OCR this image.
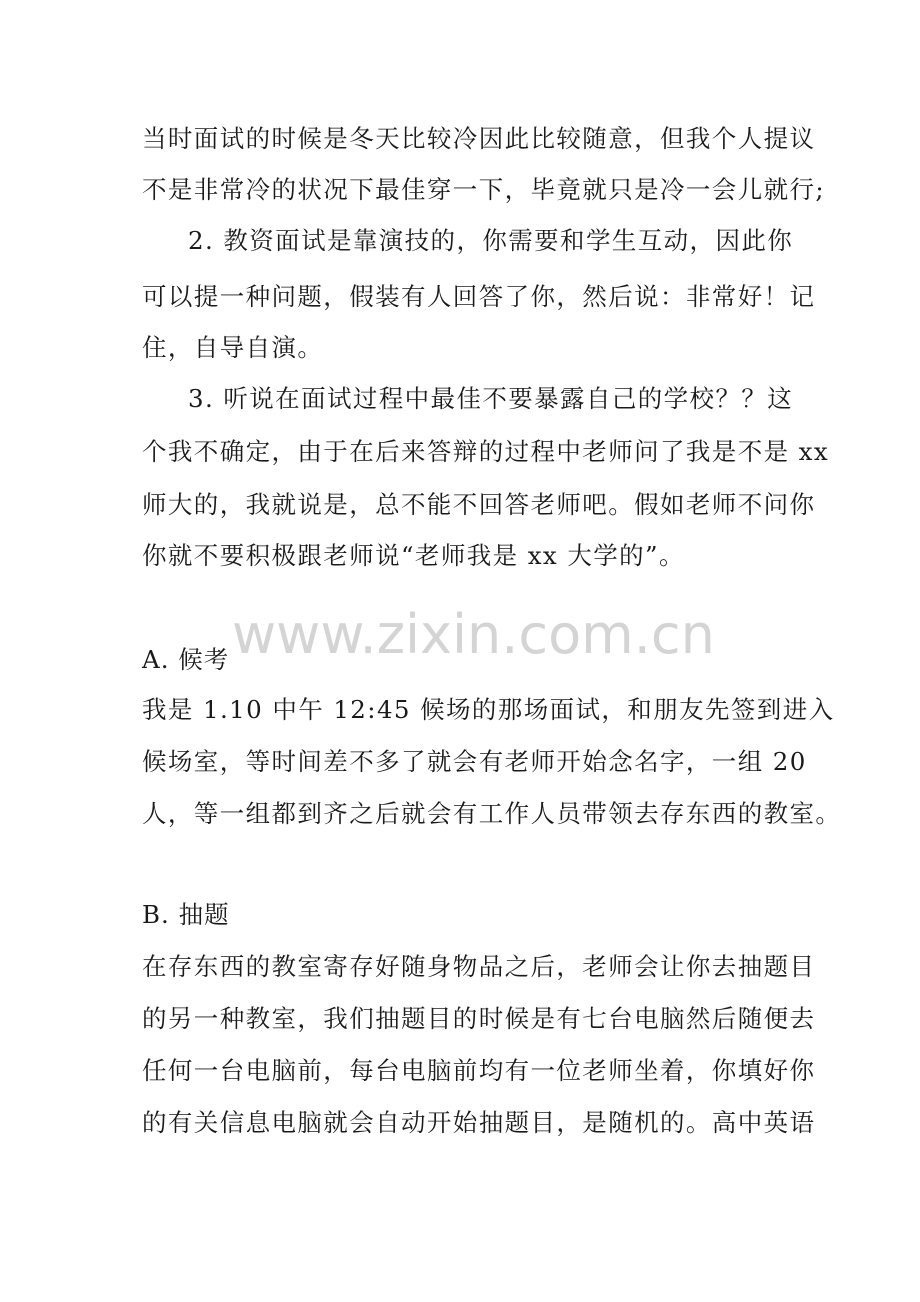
当时面试的时候是冬天比较冷因此比较随意，但我个人提议
不是非常冷的状况下最佳穿一下，毕竟就只是冷一会儿就行;
2. 教资面试是靠演技的，你需要和学生互动，因此你
可以提一种问题，假装有人回答了你，然后说：非常好！记
住，自导自演。
3. 听说在面试过程中最佳不要暴露自己的学校？？这
个我不确定，由于在后来答辩的过程中老师问了我是不是 xx
师大的，我就说是，总不能不回答老师吧。假如老师不问你
你就不要积极跟老师说“老师我是 xx 大学的”。
www.zixin.com.cn
A. 候考
我是 1.10 中午 12:45 候场的那场面试，和朋友先签到进入
候场室，等时间差不多了就会有老师开始念名字，一组 20
人，等一组都到齐之后就会有工作人员带领去存东西的教室。
B. 抽题
在存东西的教室寄存好随身物品之后，老师会让你去抽题目
的另一种教室，我们抽题目的时候是有七台电脑然后随便去
任何一台电脑前，每台电脑前均有一位老师坐着，你填好你
的有关信息电脑就会自动开始抽题目，是随机的。高中英语
